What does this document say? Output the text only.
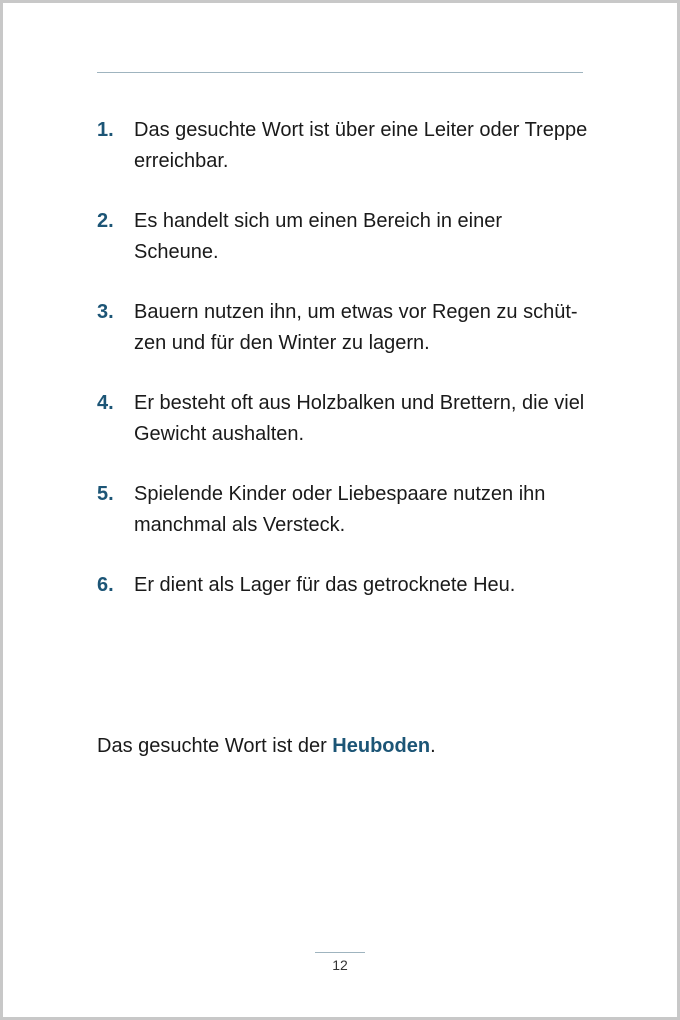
1. Das gesuchte Wort ist über eine Leiter oder Treppe erreichbar.
2. Es handelt sich um einen Bereich in einer Scheune.
3. Bauern nutzen ihn, um etwas vor Regen zu schützen und für den Winter zu lagern.
4. Er besteht oft aus Holzbalken und Brettern, die viel Gewicht aushalten.
5. Spielende Kinder oder Liebespaare nutzen ihn manchmal als Versteck.
6. Er dient als Lager für das getrocknete Heu.
Das gesuchte Wort ist der Heuboden.
12
